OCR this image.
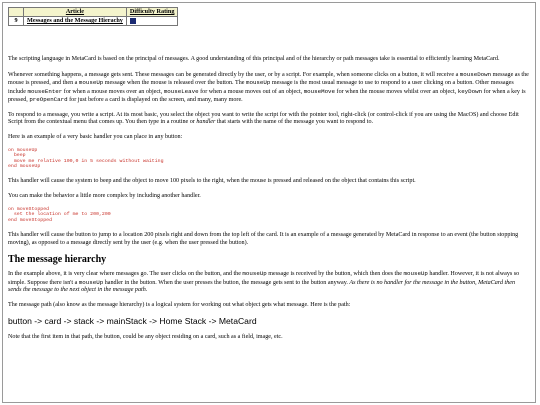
	Article	Difficulty Rating
9	Messages and the Message Hierachy	

The scripting language in MetaCard is based on the principal of messages. A good understanding of this principal and of the hierarchy or path messages take is essential to efficiently learning MetaCard.

Whenever something happens, a message gets sent. These messages can be generated directly by the user, or by a script. For example, when someone clicks on a button, it will receive a mouseDown message as the mouse is pressed, and then a mouseUp message when the mouse is released over the button. The mouseUp message is the most usual message to use to respond to a user clicking on a button. Other messages include mouseEnter for when a mouse moves over an object, mouseLeave for when a mouse moves out of an object, mouseMove for when the mouse moves whilst over an object, keyDown for when a key is pressed, preOpenCard for just before a card is displayed on the screen, and many, many more.

To respond to a message, you write a script. At its most basic, you select the object you want to write the script for with the pointer tool, right-click (or control-click if you are using the MacOS) and choose Edit Script from the contextual menu that comes up. You then type in a routine or handler that starts with the name of the message you want to respond to.

Here is an example of a very basic handler you can place in any button:

on mouseUp
beep
move me relative 100,0 in 5 seconds without waiting
end mouseUp

This handler will cause the system to beep and the object to move 100 pixels to the right, when the mouse is pressed and released on the object that contains this script.

You can make the behavior a little more complex by including another handler.

on moveStopped
set the location of me to 200,200
end moveStopped

This handler will cause the button to jump to a location 200 pixels right and down from the top left of the card. It is an example of a message generated by MetaCard in response to an event (the button stopping moving), as opposed to a message directly sent by the user (e.g. when the user pressed the button).

The message hierarchy

In the example above, it is very clear where messages go. The user clicks on the button, and the mouseUp message is received by the button, which then does the mouseUp handler. However, it is not always so simple. Suppose there isn't a mouseUp handler in the button. When the user presses the button, the message gets sent to the button anyway. As there is no handler for the message in the button, MetaCard then sends the message to the next object in the message path.

The message path (also know as the message hierarchy) is a logical system for working out what object gets what message. Here is the path:

button -> card -> stack -> mainStack -> Home Stack -> MetaCard

Note that the first item in that path, the button, could be any object residing on a card, such as a field, image, etc.
